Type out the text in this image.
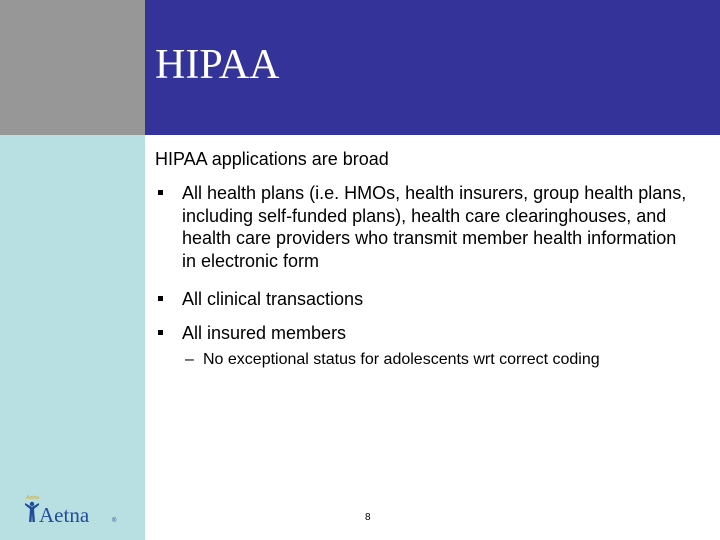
HIPAA
Aetna
Aetna	®

HIPAA applications are broad

All health plans (i.e. HMOs, health insurers, group health plans, including self-funded plans), health care clearinghouses, and health care providers who transmit member health information in electronic form
All clinical transactions
All insured members
– No exceptional status for adolescents wrt correct coding
8
